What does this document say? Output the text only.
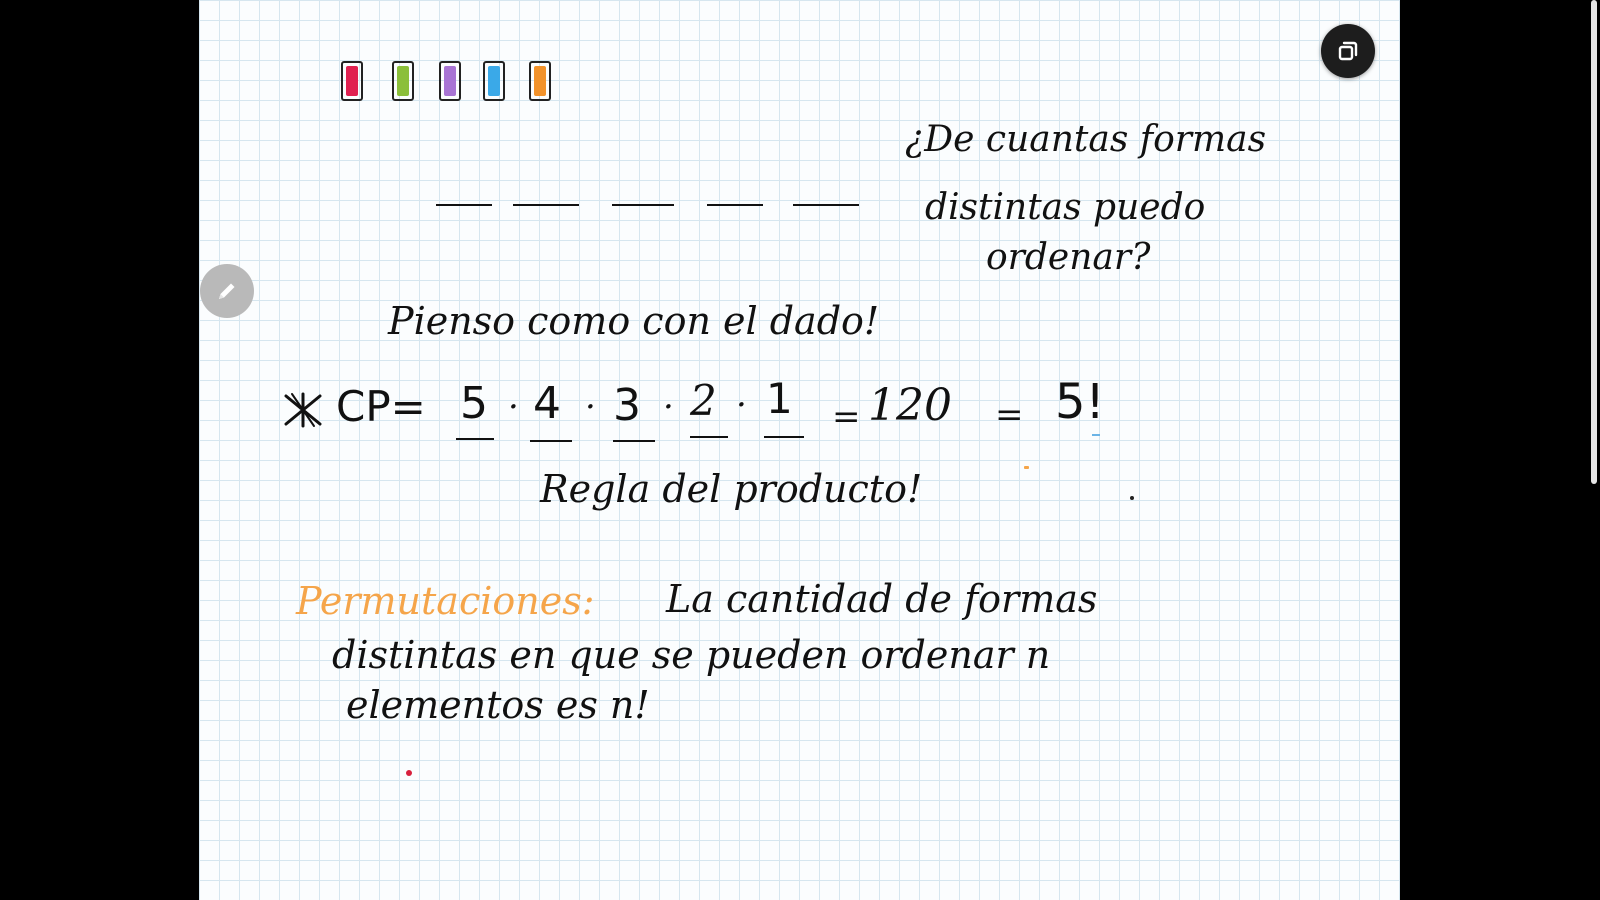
¿De cuantas formas
distintas puedo
ordenar?
Pienso como con el dado!
CP= 5 · 4 · 3 · 2 · 1 = 120 = 5!
Regla del producto!
Permutaciones: La cantidad de formas
distintas en que se pueden ordenar n
elementos es n!
